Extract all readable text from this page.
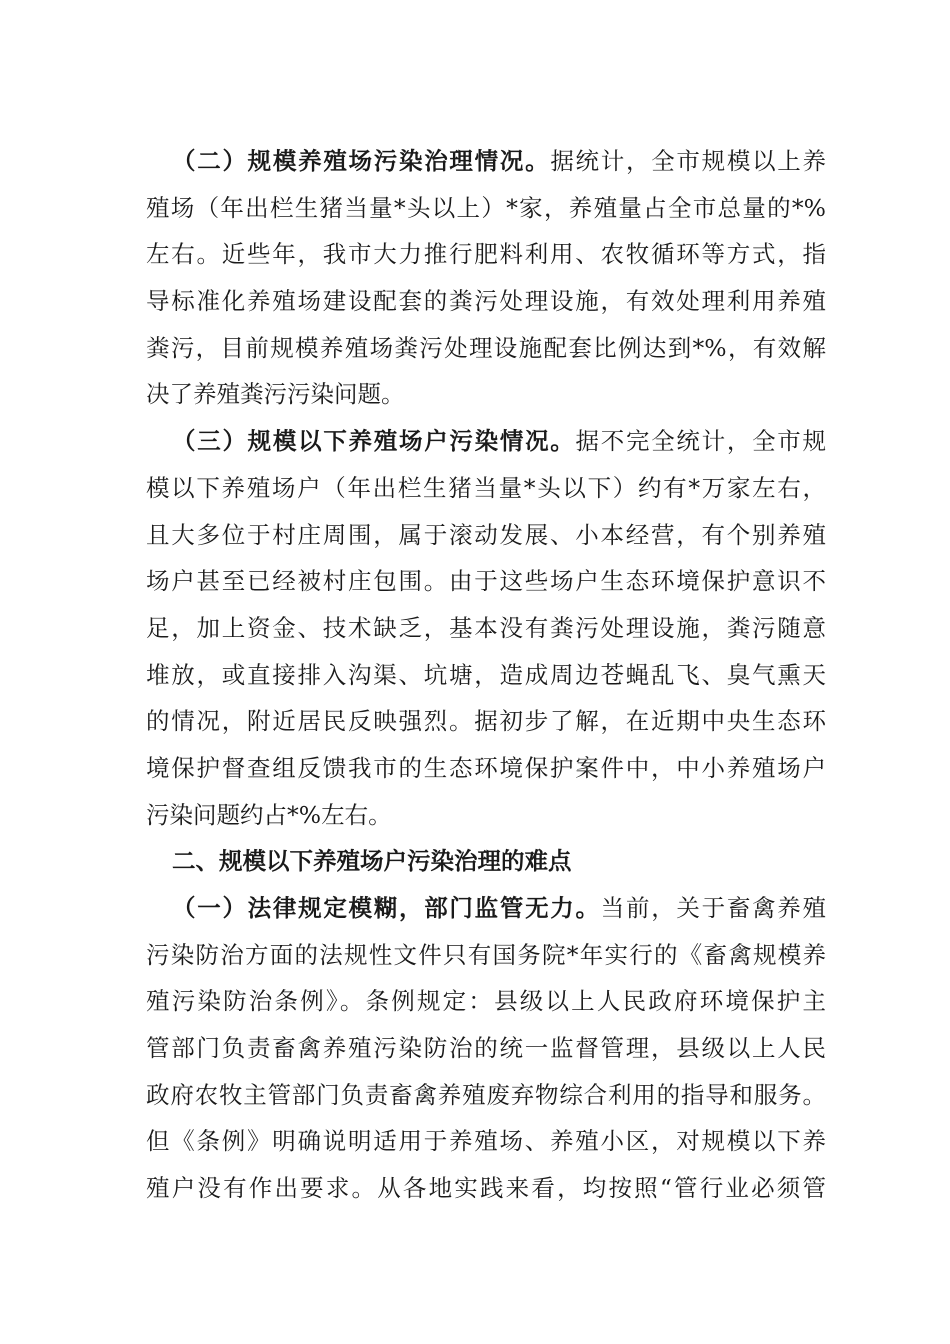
（二）规模养殖场污染治理情况。据统计，全市规模以上养
殖场（年出栏生猪当量*头以上）*家，养殖量占全市总量的*%
左右。近些年，我市大力推行肥料利用、农牧循环等方式，指
导标准化养殖场建设配套的粪污处理设施，有效处理利用养殖
粪污，目前规模养殖场粪污处理设施配套比例达到*%，有效解
决了养殖粪污污染问题。
（三）规模以下养殖场户污染情况。据不完全统计，全市规
模以下养殖场户（年出栏生猪当量*头以下）约有*万家左右，
且大多位于村庄周围，属于滚动发展、小本经营，有个别养殖
场户甚至已经被村庄包围。由于这些场户生态环境保护意识不
足，加上资金、技术缺乏，基本没有粪污处理设施，粪污随意
堆放，或直接排入沟渠、坑塘，造成周边苍蝇乱飞、臭气熏天
的情况，附近居民反映强烈。据初步了解，在近期中央生态环
境保护督查组反馈我市的生态环境保护案件中，中小养殖场户
污染问题约占*%左右。
二、规模以下养殖场户污染治理的难点
（一）法律规定模糊，部门监管无力。当前，关于畜禽养殖
污染防治方面的法规性文件只有国务院*年实行的《畜禽规模养
殖污染防治条例》。条例规定：县级以上人民政府环境保护主
管部门负责畜禽养殖污染防治的统一监督管理，县级以上人民
政府农牧主管部门负责畜禽养殖废弃物综合利用的指导和服务。
但《条例》明确说明适用于养殖场、养殖小区，对规模以下养
殖户没有作出要求。从各地实践来看，均按照“管行业必须管
